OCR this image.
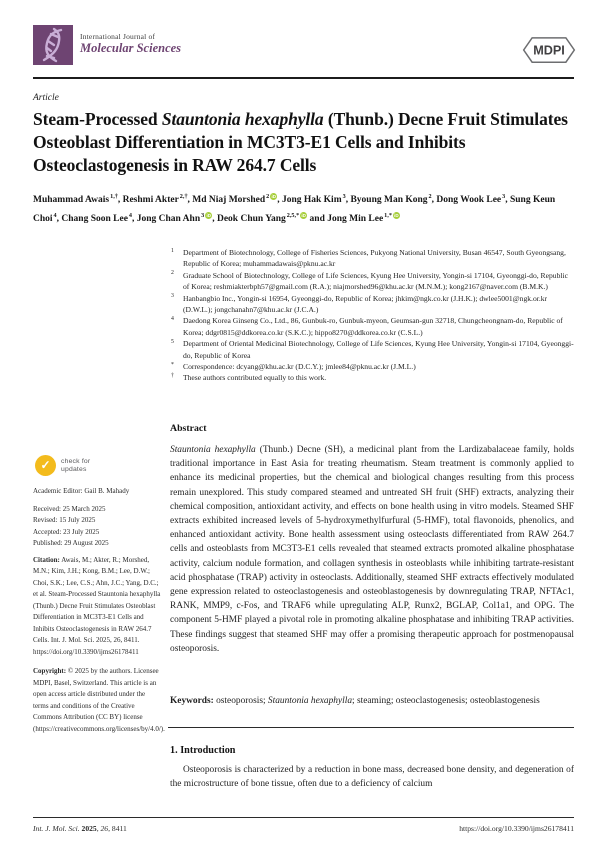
International Journal of
Molecular Sciences	MDPI
Article
Steam-Processed Stauntonia hexaphylla (Thunb.) Decne Fruit Stimulates Osteoblast Differentiation in MC3T3-E1 Cells and Inhibits Osteoclastogenesis in RAW 264.7 Cells
Muhammad Awais$^{1,\dagger}$, Reshmi Akter$^{2,\dagger}$, Md Niaj Morshed$^2$ iD, Jong Hak Kim$^3$, Byoung Man Kong$^2$, Dong Wook Lee$^3$, Sung Keun Choi$^4$, Chang Soon Lee$^4$, Jong Chan Ahn$^3$ iD, Deok Chun Yang$^{2,5,*}$ iD and Jong Min Lee$^{1,*}$ iD
1 Department of Biotechnology, College of Fisheries Sciences, Pukyong National University, Busan 46547, South Gyeongsang, Republic of Korea; muhammadawais@pknu.ac.kr
2 Graduate School of Biotechnology, College of Life Sciences, Kyung Hee University, Yongin-si 17104, Gyeonggi-do, Republic of Korea; reshmiakterbph57@gmail.com (R.A.); niajmorshed96@khu.ac.kr (M.N.M.); kong2167@naver.com (B.M.K.)
3 Hanbangbio Inc., Yongin-si 16954, Gyeonggi-do, Republic of Korea; jhkim@ngk.co.kr (J.H.K.); dwlee5001@ngk.or.kr (D.W.L.); jongchanahn7@khu.ac.kr (J.C.A.)
4 Daedong Korea Ginseng Co., Ltd., 86, Gunbuk-ro, Gunbuk-myeon, Geumsan-gun 32718, Chungcheongnam-do, Republic of Korea; ddgr0815@ddkorea.co.kr (S.K.C.); hippo8270@ddkorea.co.kr (C.S.L.)
5 Department of Oriental Medicinal Biotechnology, College of Life Sciences, Kyung Hee University, Yongin-si 17104, Gyeonggi-do, Republic of Korea
* Correspondence: dcyang@khu.ac.kr (D.C.Y.); jmlee84@pknu.ac.kr (J.M.L.)
† These authors contributed equally to this work.
✓	check for
updates
Academic Editor: Gail B. Mahady
Received: 25 March 2025
Revised: 15 July 2025
Accepted: 23 July 2025
Published: 29 August 2025
Citation: Awais, M.; Akter, R.; Morshed, M.N.; Kim, J.H.; Kong, B.M.; Lee, D.W.; Choi, S.K.; Lee, C.S.; Ahn, J.C.; Yang, D.C.; et al. Steam-Processed Stauntonia hexaphylla (Thunb.) Decne Fruit Stimulates Osteoblast Differentiation in MC3T3-E1 Cells and Inhibits Osteoclastogenesis in RAW 264.7 Cells. Int. J. Mol. Sci. 2025, 26, 8411. https://doi.org/10.3390/ijms26178411
Copyright: © 2025 by the authors. Licensee MDPI, Basel, Switzerland. This article is an open access article distributed under the terms and conditions of the Creative Commons Attribution (CC BY) license (https://creativecommons.org/licenses/by/4.0/).
Abstract
Stauntonia hexaphylla (Thunb.) Decne (SH), a medicinal plant from the Lardizabalaceae family, holds traditional importance in East Asia for treating rheumatism. Steam treatment is commonly applied to enhance its medicinal properties, but the chemical and biological changes resulting from this process remain unexplored. This study compared steamed and untreated SH fruit (SHF) extracts, analyzing their chemical composition, antioxidant activity, and effects on bone health using in vitro models. Steamed SHF extracts exhibited increased levels of 5-hydroxymethylfurfural (5-HMF), total flavonoids, phenolics, and enhanced antioxidant activity. Bone health assessment using osteoclasts differentiated from RAW 264.7 cells and osteoblasts from MC3T3-E1 cells revealed that steamed extracts promoted alkaline phosphatase activity, calcium nodule formation, and collagen synthesis in osteoblasts while inhibiting tartrate-resistant acid phosphatase (TRAP) activity in osteoclasts. Additionally, steamed SHF extracts effectively modulated gene expression related to osteoclastogenesis and osteoblastogenesis by downregulating TRAP, NFTAc1, RANK, MMP9, c-Fos, and TRAF6 while upregulating ALP, Runx2, BGLAP, Col1a1, and OPG. The component 5-HMF played a pivotal role in promoting alkaline phosphatase and inhibiting TRAP activities. These findings suggest that steamed SHF may offer a promising therapeutic approach for postmenopausal osteoporosis.
Keywords: osteoporosis; Stauntonia hexaphylla; steaming; osteoclastogenesis; osteoblastogenesis
1. Introduction
Osteoporosis is characterized by a reduction in bone mass, decreased bone density, and degeneration of the microstructure of bone tissue, often due to a deficiency of calcium
Int. J. Mol. Sci. 2025, 26, 8411	https://doi.org/10.3390/ijms26178411
